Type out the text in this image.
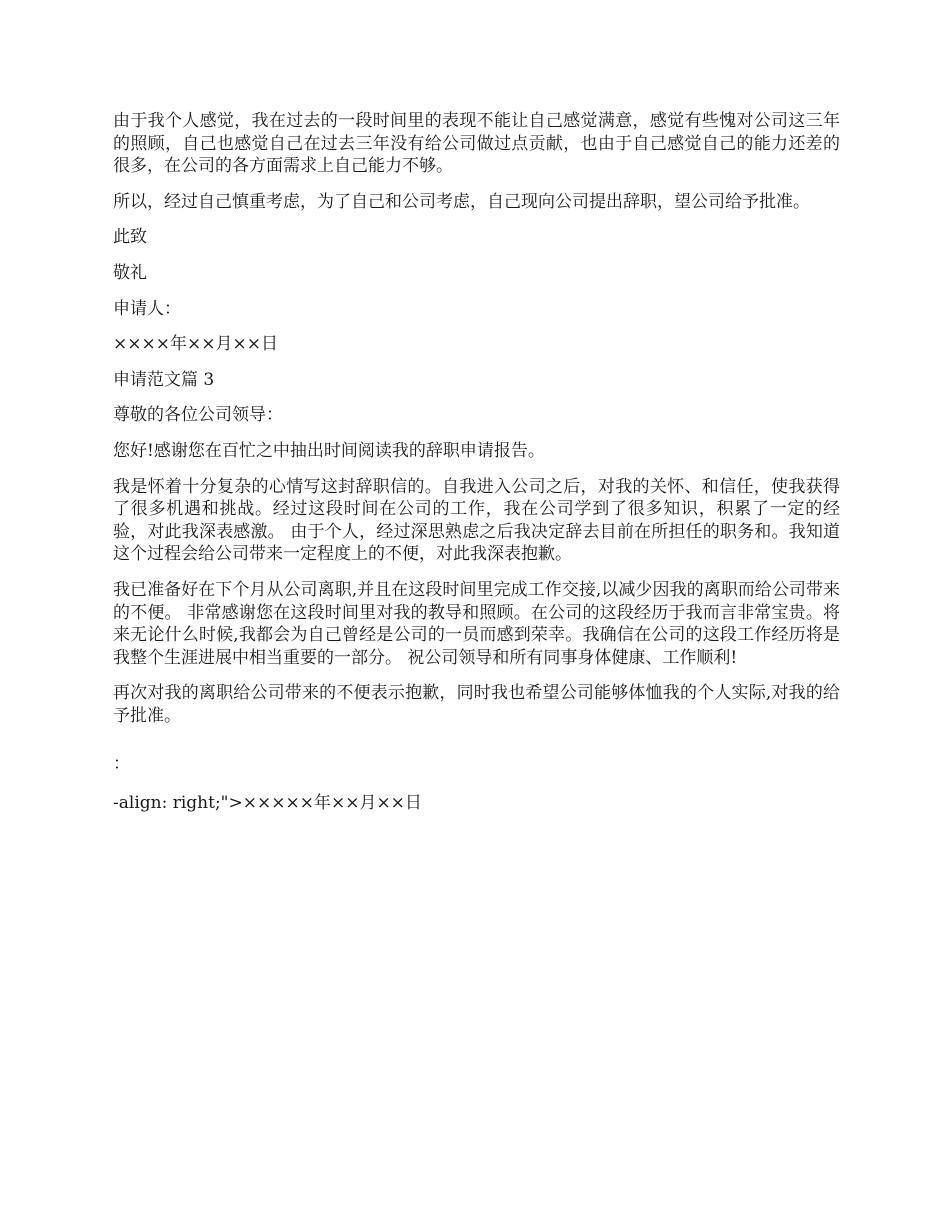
由于我个人感觉，我在过去的一段时间里的表现不能让自己感觉满意，感觉有些愧对公司这三年的照顾，自己也感觉自己在过去三年没有给公司做过点贡献，也由于自己感觉自己的能力还差的很多，在公司的各方面需求上自己能力不够。

所以，经过自己慎重考虑，为了自己和公司考虑，自己现向公司提出辞职，望公司给予批准。

此致

敬礼

申请人：

××××年××月××日

申请范文篇 3

尊敬的各位公司领导：

您好!感谢您在百忙之中抽出时间阅读我的辞职申请报告。

我是怀着十分复杂的心情写这封辞职信的。自我进入公司之后，对我的关怀、和信任，使我获得了很多机遇和挑战。经过这段时间在公司的工作，我在公司学到了很多知识，积累了一定的经验，对此我深表感激。 由于个人，经过深思熟虑之后我决定辞去目前在所担任的职务和。我知道这个过程会给公司带来一定程度上的不便，对此我深表抱歉。

我已准备好在下个月从公司离职,并且在这段时间里完成工作交接,以减少因我的离职而给公司带来的不便。 非常感谢您在这段时间里对我的教导和照顾。在公司的这段经历于我而言非常宝贵。将来无论什么时候,我都会为自己曾经是公司的一员而感到荣幸。我确信在公司的这段工作经历将是我整个生涯进展中相当重要的一部分。 祝公司领导和所有同事身体健康、工作顺利!

再次对我的离职给公司带来的不便表示抱歉，同时我也希望公司能够体恤我的个人实际,对我的给予批准。

：

-align: right;">×××××年××月××日
